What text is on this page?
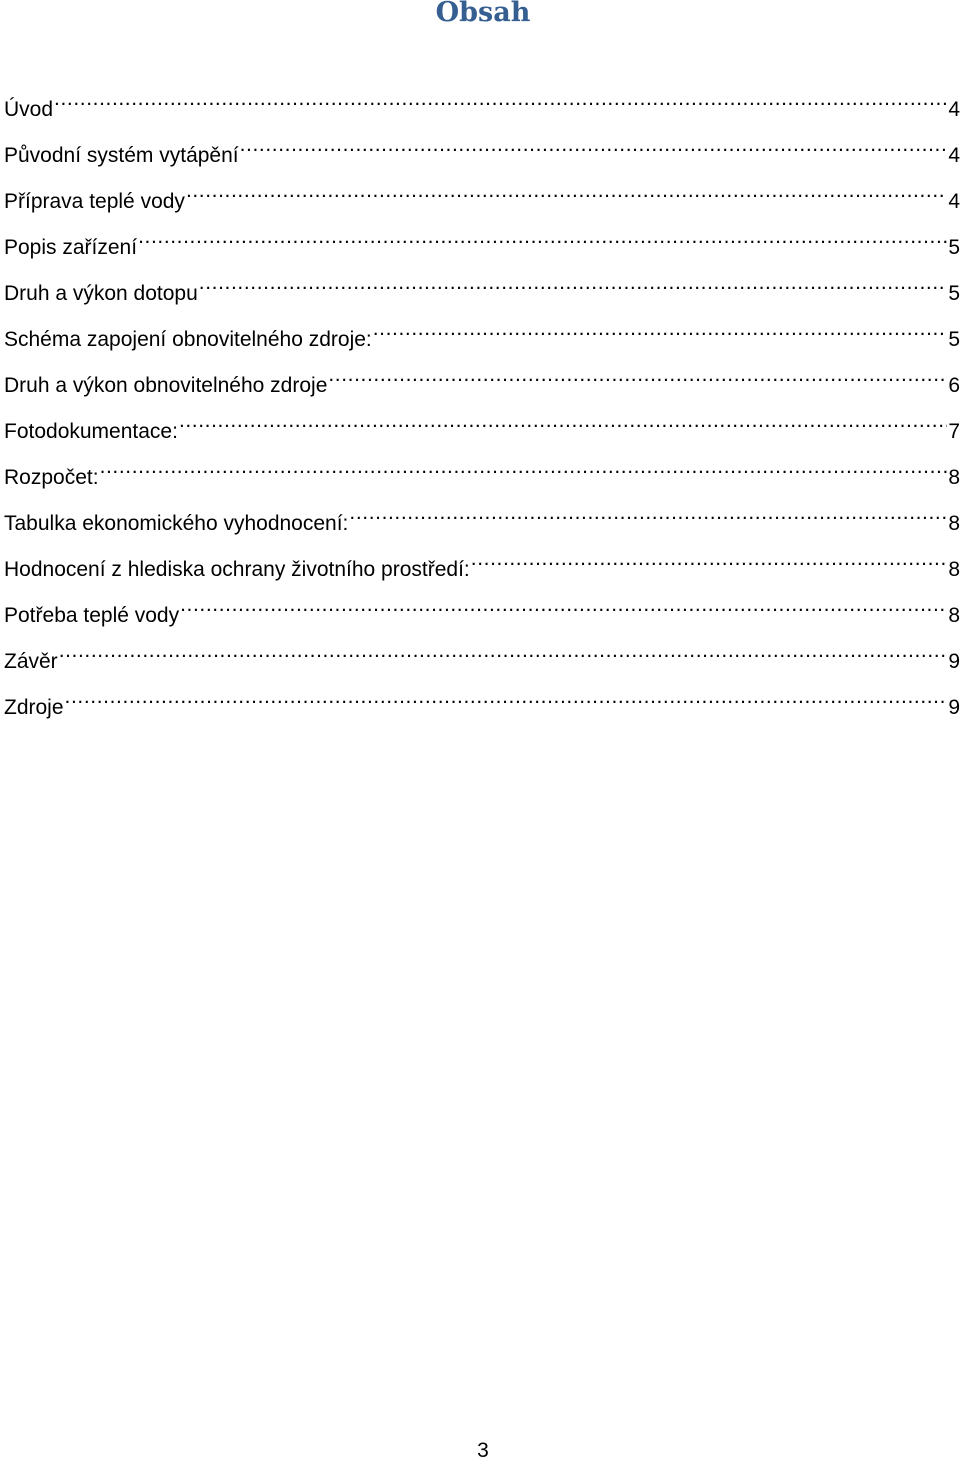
Obsah
Úvod .....	4
Původní systém vytápění .....	4
Příprava teplé vody .....	4
Popis zařízení .....	5
Druh a výkon dotopu .....	5
Schéma zapojení obnovitelného zdroje: .....	5
Druh a výkon obnovitelného zdroje .....	6
Fotodokumentace: .....	7
Rozpočet: .....	8
Tabulka ekonomického vyhodnocení: .....	8
Hodnocení z hlediska ochrany životního prostředí: .....	8
Potřeba teplé vody .....	8
Závěr .....	9
Zdroje .....	9
3
